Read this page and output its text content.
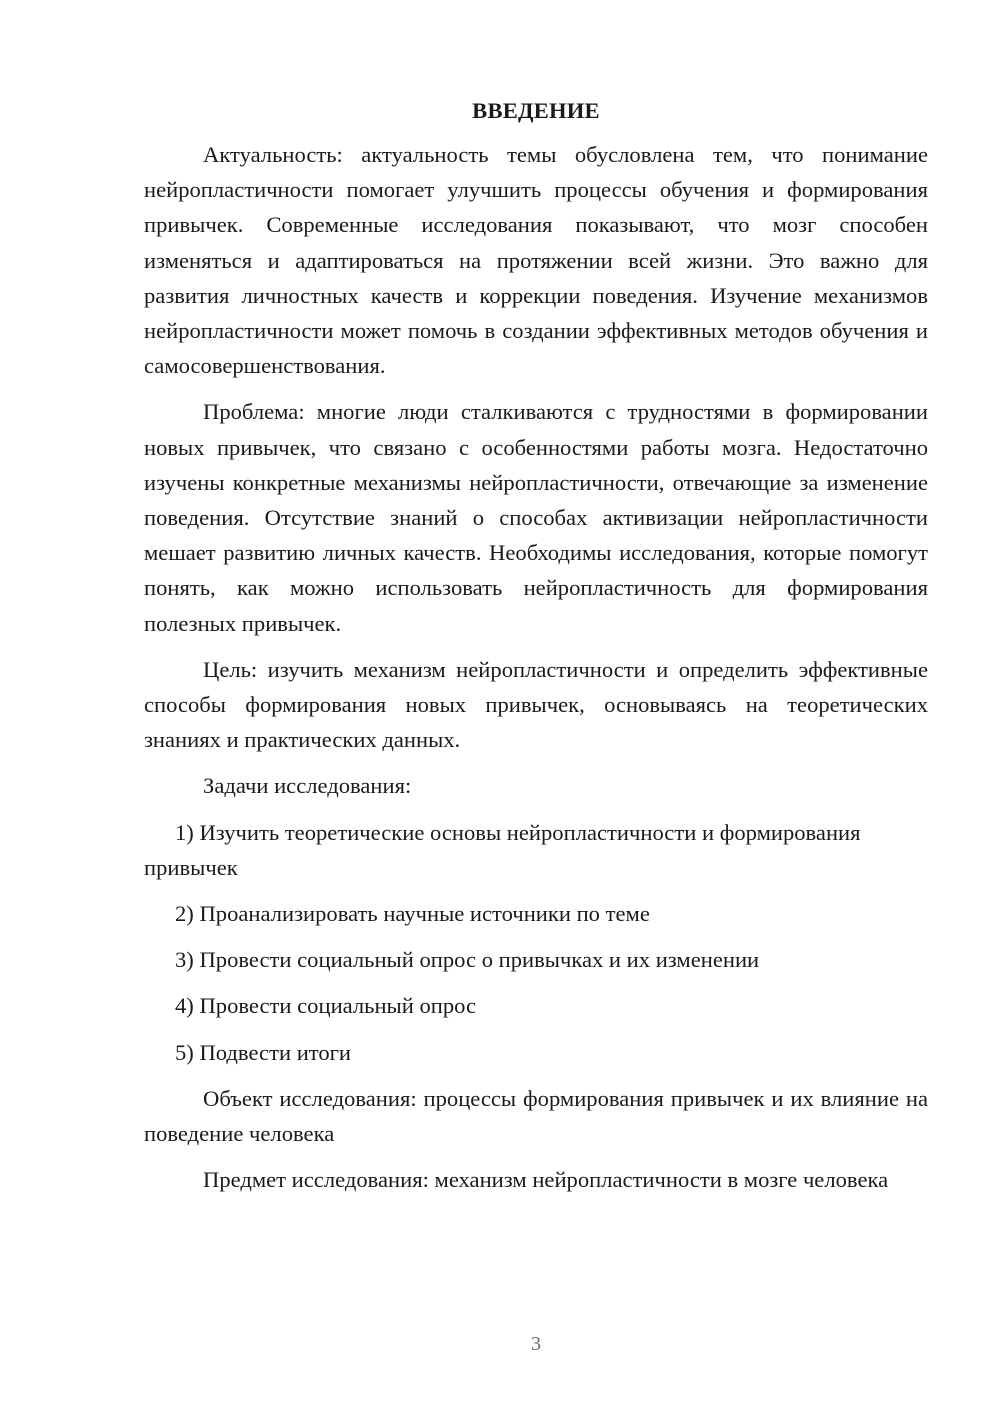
ВВЕДЕНИЕ

Актуальность: актуальность темы обусловлена тем, что понимание нейропластичности помогает улучшить процессы обучения и формирования привычек. Современные исследования показывают, что мозг способен изменяться и адаптироваться на протяжении всей жизни. Это важно для развития личностных качеств и коррекции поведения. Изучение механизмов нейропластичности может помочь в создании эффективных методов обучения и самосовершенствования.

Проблема: многие люди сталкиваются с трудностями в формировании новых привычек, что связано с особенностями работы мозга. Недостаточно изучены конкретные механизмы нейропластичности, отвечающие за изменение поведения. Отсутствие знаний о способах активизации нейропластичности мешает развитию личных качеств. Необходимы исследования, которые помогут понять, как можно использовать нейропластичность для формирования полезных привычек.

Цель: изучить механизм нейропластичности и определить эффективные способы формирования новых привычек, основываясь на теоретических знаниях и практических данных.

Задачи исследования:

1) Изучить теоретические основы нейропластичности и формирования привычек

2) Проанализировать научные источники по теме

3) Провести социальный опрос о привычках и их изменении

4) Провести социальный опрос

5) Подвести итоги

Объект исследования: процессы формирования привычек и их влияние на поведение человека

Предмет исследования: механизм нейропластичности в мозге человека

3
